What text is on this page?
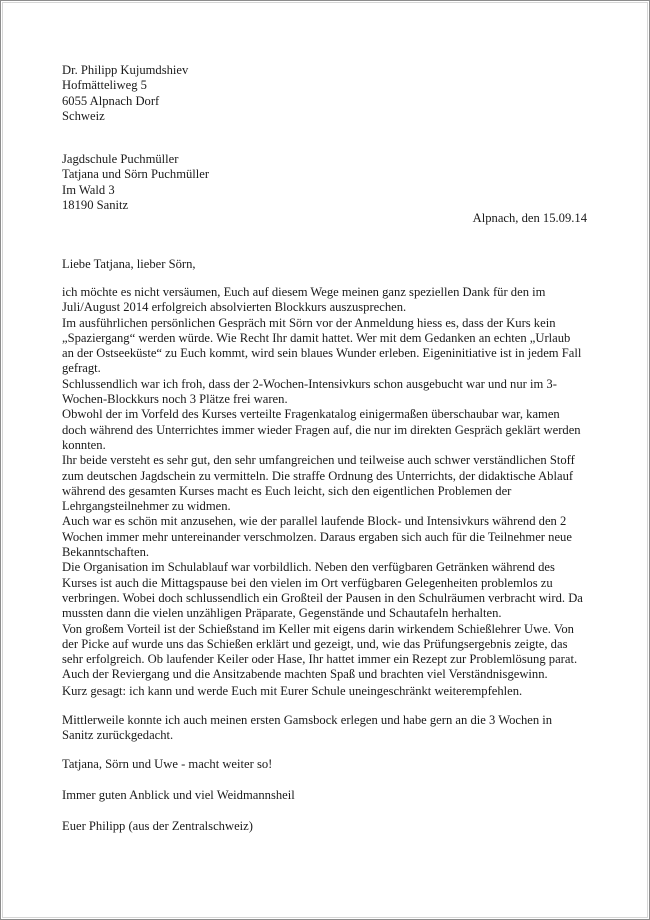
Dr. Philipp Kujumdshiev
Hofmätteliweg 5
6055 Alpnach Dorf
Schweiz
Jagdschule Puchmüller
Tatjana und Sörn Puchmüller
Im Wald 3
18190 Sanitz
Alpnach, den 15.09.14
Liebe Tatjana, lieber Sörn,
ich möchte es nicht versäumen, Euch auf diesem Wege meinen ganz speziellen Dank für den im
Juli/August 2014 erfolgreich absolvierten Blockkurs auszusprechen.
Im ausführlichen persönlichen Gespräch mit Sörn vor der Anmeldung hiess es, dass der Kurs kein
„Spaziergang“ werden würde. Wie Recht Ihr damit hattet. Wer mit dem Gedanken an echten „Urlaub
an der Ostseeküste“ zu Euch kommt, wird sein blaues Wunder erleben. Eigeninitiative ist in jedem Fall
gefragt.
Schlussendlich war ich froh, dass der 2-Wochen-Intensivkurs schon ausgebucht war und nur im 3-
Wochen-Blockkurs noch 3 Plätze frei waren.
Obwohl der im Vorfeld des Kurses verteilte Fragenkatalog einigermaßen überschaubar war, kamen
doch während des Unterrichtes immer wieder Fragen auf, die nur im direkten Gespräch geklärt werden
konnten.
Ihr beide versteht es sehr gut, den sehr umfangreichen und teilweise auch schwer verständlichen Stoff
zum deutschen Jagdschein zu vermitteln. Die straffe Ordnung des Unterrichts, der didaktische Ablauf
während des gesamten Kurses macht es Euch leicht, sich den eigentlichen Problemen der
Lehrgangsteilnehmer zu widmen.
Auch war es schön mit anzusehen, wie der parallel laufende Block- und Intensivkurs während den 2
Wochen immer mehr untereinander verschmolzen. Daraus ergaben sich auch für die Teilnehmer neue
Bekanntschaften.
Die Organisation im Schulablauf war vorbildlich. Neben den verfügbaren Getränken während des
Kurses ist auch die Mittagspause bei den vielen im Ort verfügbaren Gelegenheiten problemlos zu
verbringen. Wobei doch schlussendlich ein Großteil der Pausen in den Schulräumen verbracht wird. Da
mussten dann die vielen unzähligen Präparate, Gegenstände und Schautafeln herhalten.
Von großem Vorteil ist der Schießstand im Keller mit eigens darin wirkendem Schießlehrer Uwe. Von
der Picke auf wurde uns das Schießen erklärt und gezeigt, und, wie das Prüfungsergebnis zeigte, das
sehr erfolgreich. Ob laufender Keiler oder Hase, Ihr hattet immer ein Rezept zur Problemlösung parat.
Auch der Reviergang und die Ansitzabende machten Spaß und brachten viel Verständnisgewinn.
Kurz gesagt: ich kann und werde Euch mit Eurer Schule uneingeschränkt weiterempfehlen.
Mittlerweile konnte ich auch meinen ersten Gamsbock erlegen und habe gern an die 3 Wochen in
Sanitz zurückgedacht.
Tatjana, Sörn und Uwe - macht weiter so!
Immer guten Anblick und viel Weidmannsheil
Euer Philipp (aus der Zentralschweiz)
